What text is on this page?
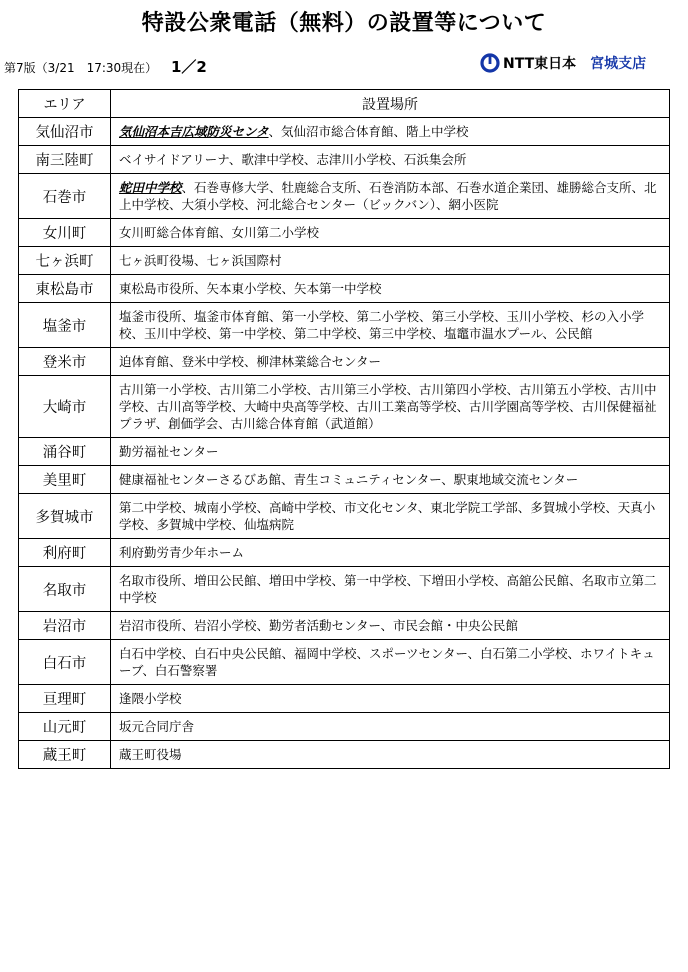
特設公衆電話（無料）の設置等について
第7版（3/21　17:30現在） 1／2	NTT東日本 宮城支店
エリア	設置場所
気仙沼市	気仙沼本吉広域防災センタ、気仙沼市総合体育館、階上中学校
南三陸町	ベイサイドアリーナ、歌津中学校、志津川小学校、石浜集会所
石巻市	蛇田中学校、石巻専修大学、牡鹿総合支所、石巻消防本部、石巻水道企業団、雄勝総合支所、北上中学校、大須小学校、河北総合センター（ビックバン）、網小医院
女川町	女川町総合体育館、女川第二小学校
七ヶ浜町	七ヶ浜町役場、七ヶ浜国際村
東松島市	東松島市役所、矢本東小学校、矢本第一中学校
塩釜市	塩釜市役所、塩釜市体育館、第一小学校、第二小学校、第三小学校、玉川小学校、杉の入小学校、玉川中学校、第一中学校、第二中学校、第三中学校、塩竈市温水プール、公民館
登米市	迫体育館、登米中学校、柳津林業総合センター
大崎市	古川第一小学校、古川第二小学校、古川第三小学校、古川第四小学校、古川第五小学校、古川中学校、古川高等学校、大崎中央高等学校、古川工業高等学校、古川学園高等学校、古川保健福祉プラザ、創価学会、古川総合体育館（武道館）
涌谷町	勤労福祉センター
美里町	健康福祉センターさるびあ館、青生コミュニティセンター、駅東地域交流センター
多賀城市	第二中学校、城南小学校、高崎中学校、市文化センタ、東北学院工学部、多賀城小学校、天真小学校、多賀城中学校、仙塩病院
利府町	利府勤労青少年ホーム
名取市	名取市役所、増田公民館、増田中学校、第一中学校、下増田小学校、高舘公民館、名取市立第二中学校
岩沼市	岩沼市役所、岩沼小学校、勤労者活動センター、市民会館・中央公民館
白石市	白石中学校、白石中央公民館、福岡中学校、スポーツセンター、白石第二小学校、ホワイトキューブ、白石警察署
亘理町	逢隈小学校
山元町	坂元合同庁舎
蔵王町	蔵王町役場
